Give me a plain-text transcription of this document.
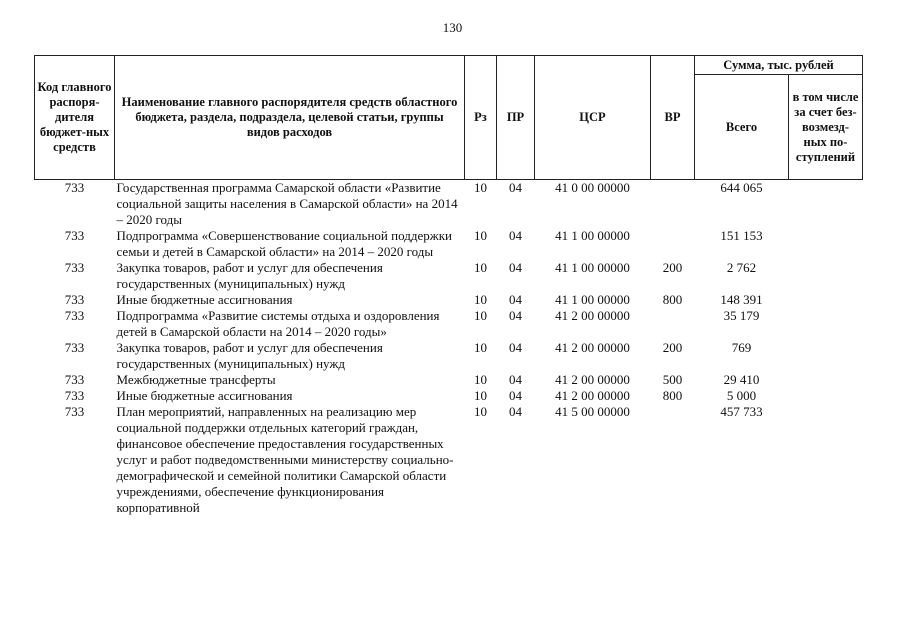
130
Код главного распоря-дителя бюджет-ных средств	Наименование главного распорядителя средств областного бюджета, раздела, подраздела, целевой статьи, группы видов расходов	Рз	ПР	ЦСР	ВР	Сумма, тыс. рублей	
						Всего	в том числе за счет без-возмезд-ных по-ступлений
733	Государственная программа Самарской области «Развитие социальной защиты населения в Самарской области» на 2014 – 2020 годы	10	04	41 0 00 00000		644 065	
733	Подпрограмма «Совершенствование социальной поддержки семьи и детей в Самарской области» на 2014 – 2020 годы	10	04	41 1 00 00000		151 153	
733	Закупка товаров, работ и услуг для обеспечения государственных (муниципальных) нужд	10	04	41 1 00 00000	200	2 762	
733	Иные бюджетные ассигнования	10	04	41 1 00 00000	800	148 391	
733	Подпрограмма «Развитие системы отдыха и оздоровления детей в Самарской области на 2014 – 2020 годы»	10	04	41 2 00 00000		35 179	
733	Закупка товаров, работ и услуг для обеспечения государственных (муниципальных) нужд	10	04	41 2 00 00000	200	769	
733	Межбюджетные трансферты	10	04	41 2 00 00000	500	29 410	
733	Иные бюджетные ассигнования	10	04	41 2 00 00000	800	5 000	
733	План мероприятий, направленных на реализацию мер социальной поддержки отдельных категорий граждан, финансовое обеспечение предоставления государственных услуг и работ подведомственными министерству социально-демографической и семейной политики Самарской области учреждениями, обеспечение функционирования корпоративной	10	04	41 5 00 00000		457 733	
